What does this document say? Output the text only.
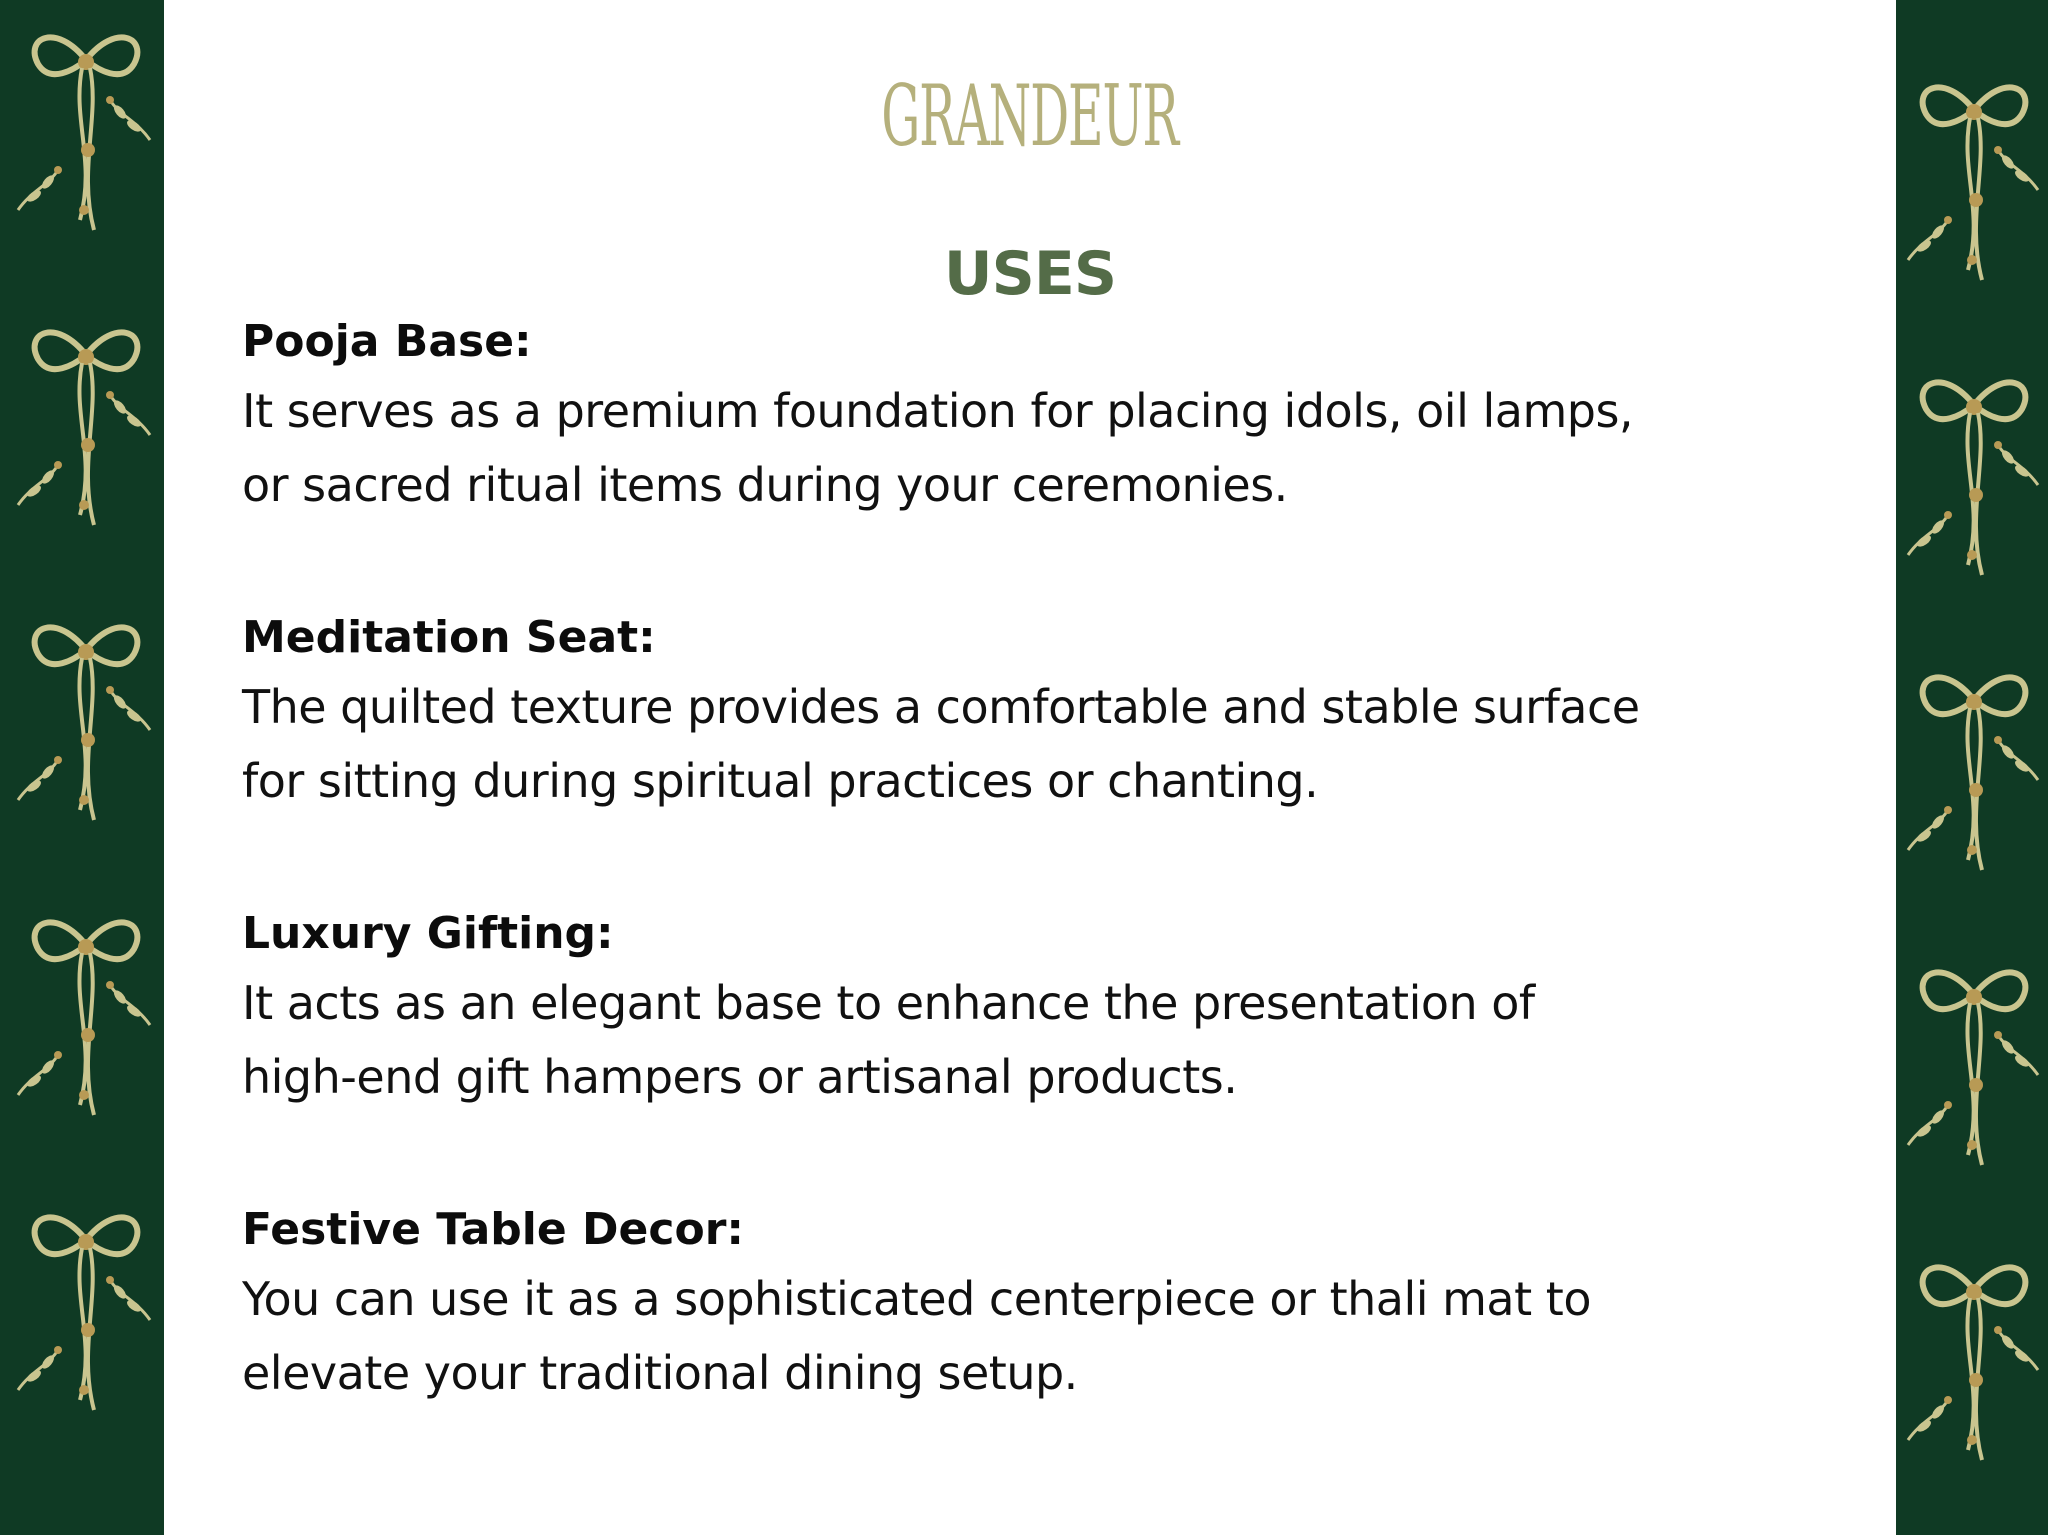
GRANDEUR
USES

Pooja Base:

It serves as a premium foundation for placing idols, oil lamps,
or sacred ritual items during your ceremonies.

Meditation Seat:

The quilted texture provides a comfortable and stable surface
for sitting during spiritual practices or chanting.

Luxury Gifting:

It acts as an elegant base to enhance the presentation of
high-end gift hampers or artisanal products.

Festive Table Decor:

You can use it as a sophisticated centerpiece or thali mat to
elevate your traditional dining setup.
